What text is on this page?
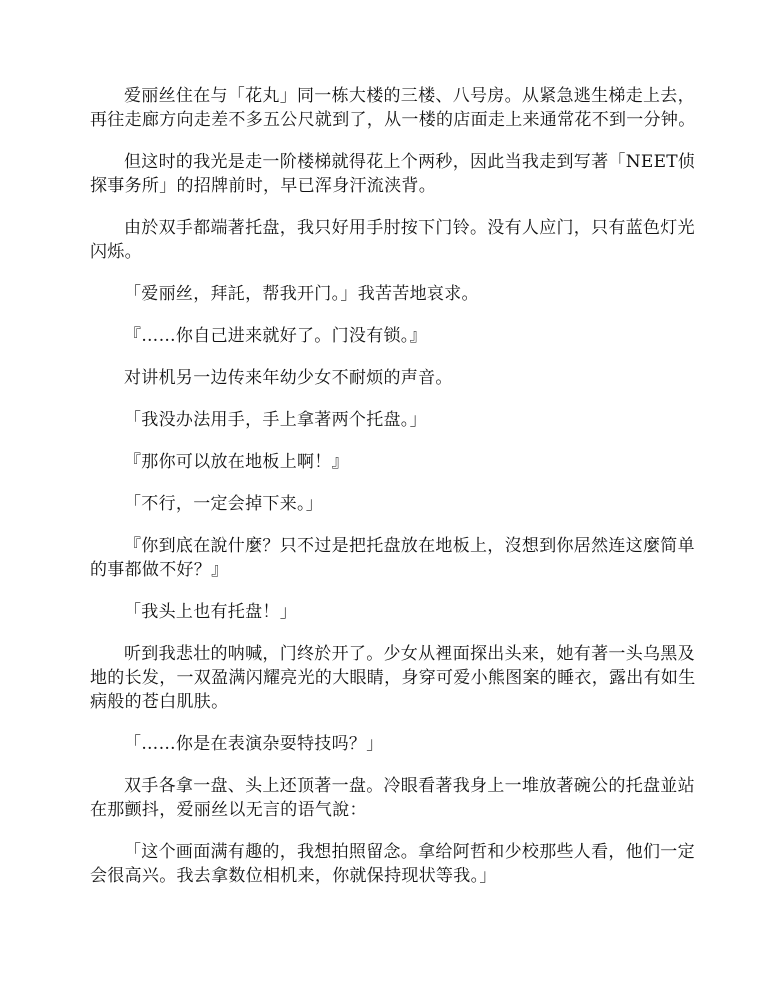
爱丽丝住在与「花丸」同一栋大楼的三楼、八号房。从紧急逃生梯走上去，再往走廊方向走差不多五公尺就到了，从一楼的店面走上来通常花不到一分钟。

但这时的我光是走一阶楼梯就得花上个两秒，因此当我走到写著「NEET侦探事务所」的招牌前时，早已浑身汗流浃背。

由於双手都端著托盘，我只好用手肘按下门铃。没有人应门，只有蓝色灯光闪烁。

「爱丽丝，拜託，帮我开门。」我苦苦地哀求。

『……你自己进来就好了。门没有锁。』

对讲机另一边传来年幼少女不耐烦的声音。

「我没办法用手，手上拿著两个托盘。」

『那你可以放在地板上啊！』

「不行，一定会掉下来。」

『你到底在說什麼？只不过是把托盘放在地板上，沒想到你居然连这麼简单的事都做不好？』

「我头上也有托盘！」

听到我悲壮的呐喊，门终於开了。少女从裡面探出头来，她有著一头乌黑及地的长发，一双盈满闪耀亮光的大眼睛，身穿可爱小熊图案的睡衣，露出有如生病般的苍白肌肤。

「……你是在表演杂耍特技吗？」

双手各拿一盘、头上还顶著一盘。冷眼看著我身上一堆放著碗公的托盘並站在那颤抖，爱丽丝以无言的语气說：

「这个画面满有趣的，我想拍照留念。拿给阿哲和少校那些人看，他们一定会很高兴。我去拿数位相机来，你就保持现状等我。」
